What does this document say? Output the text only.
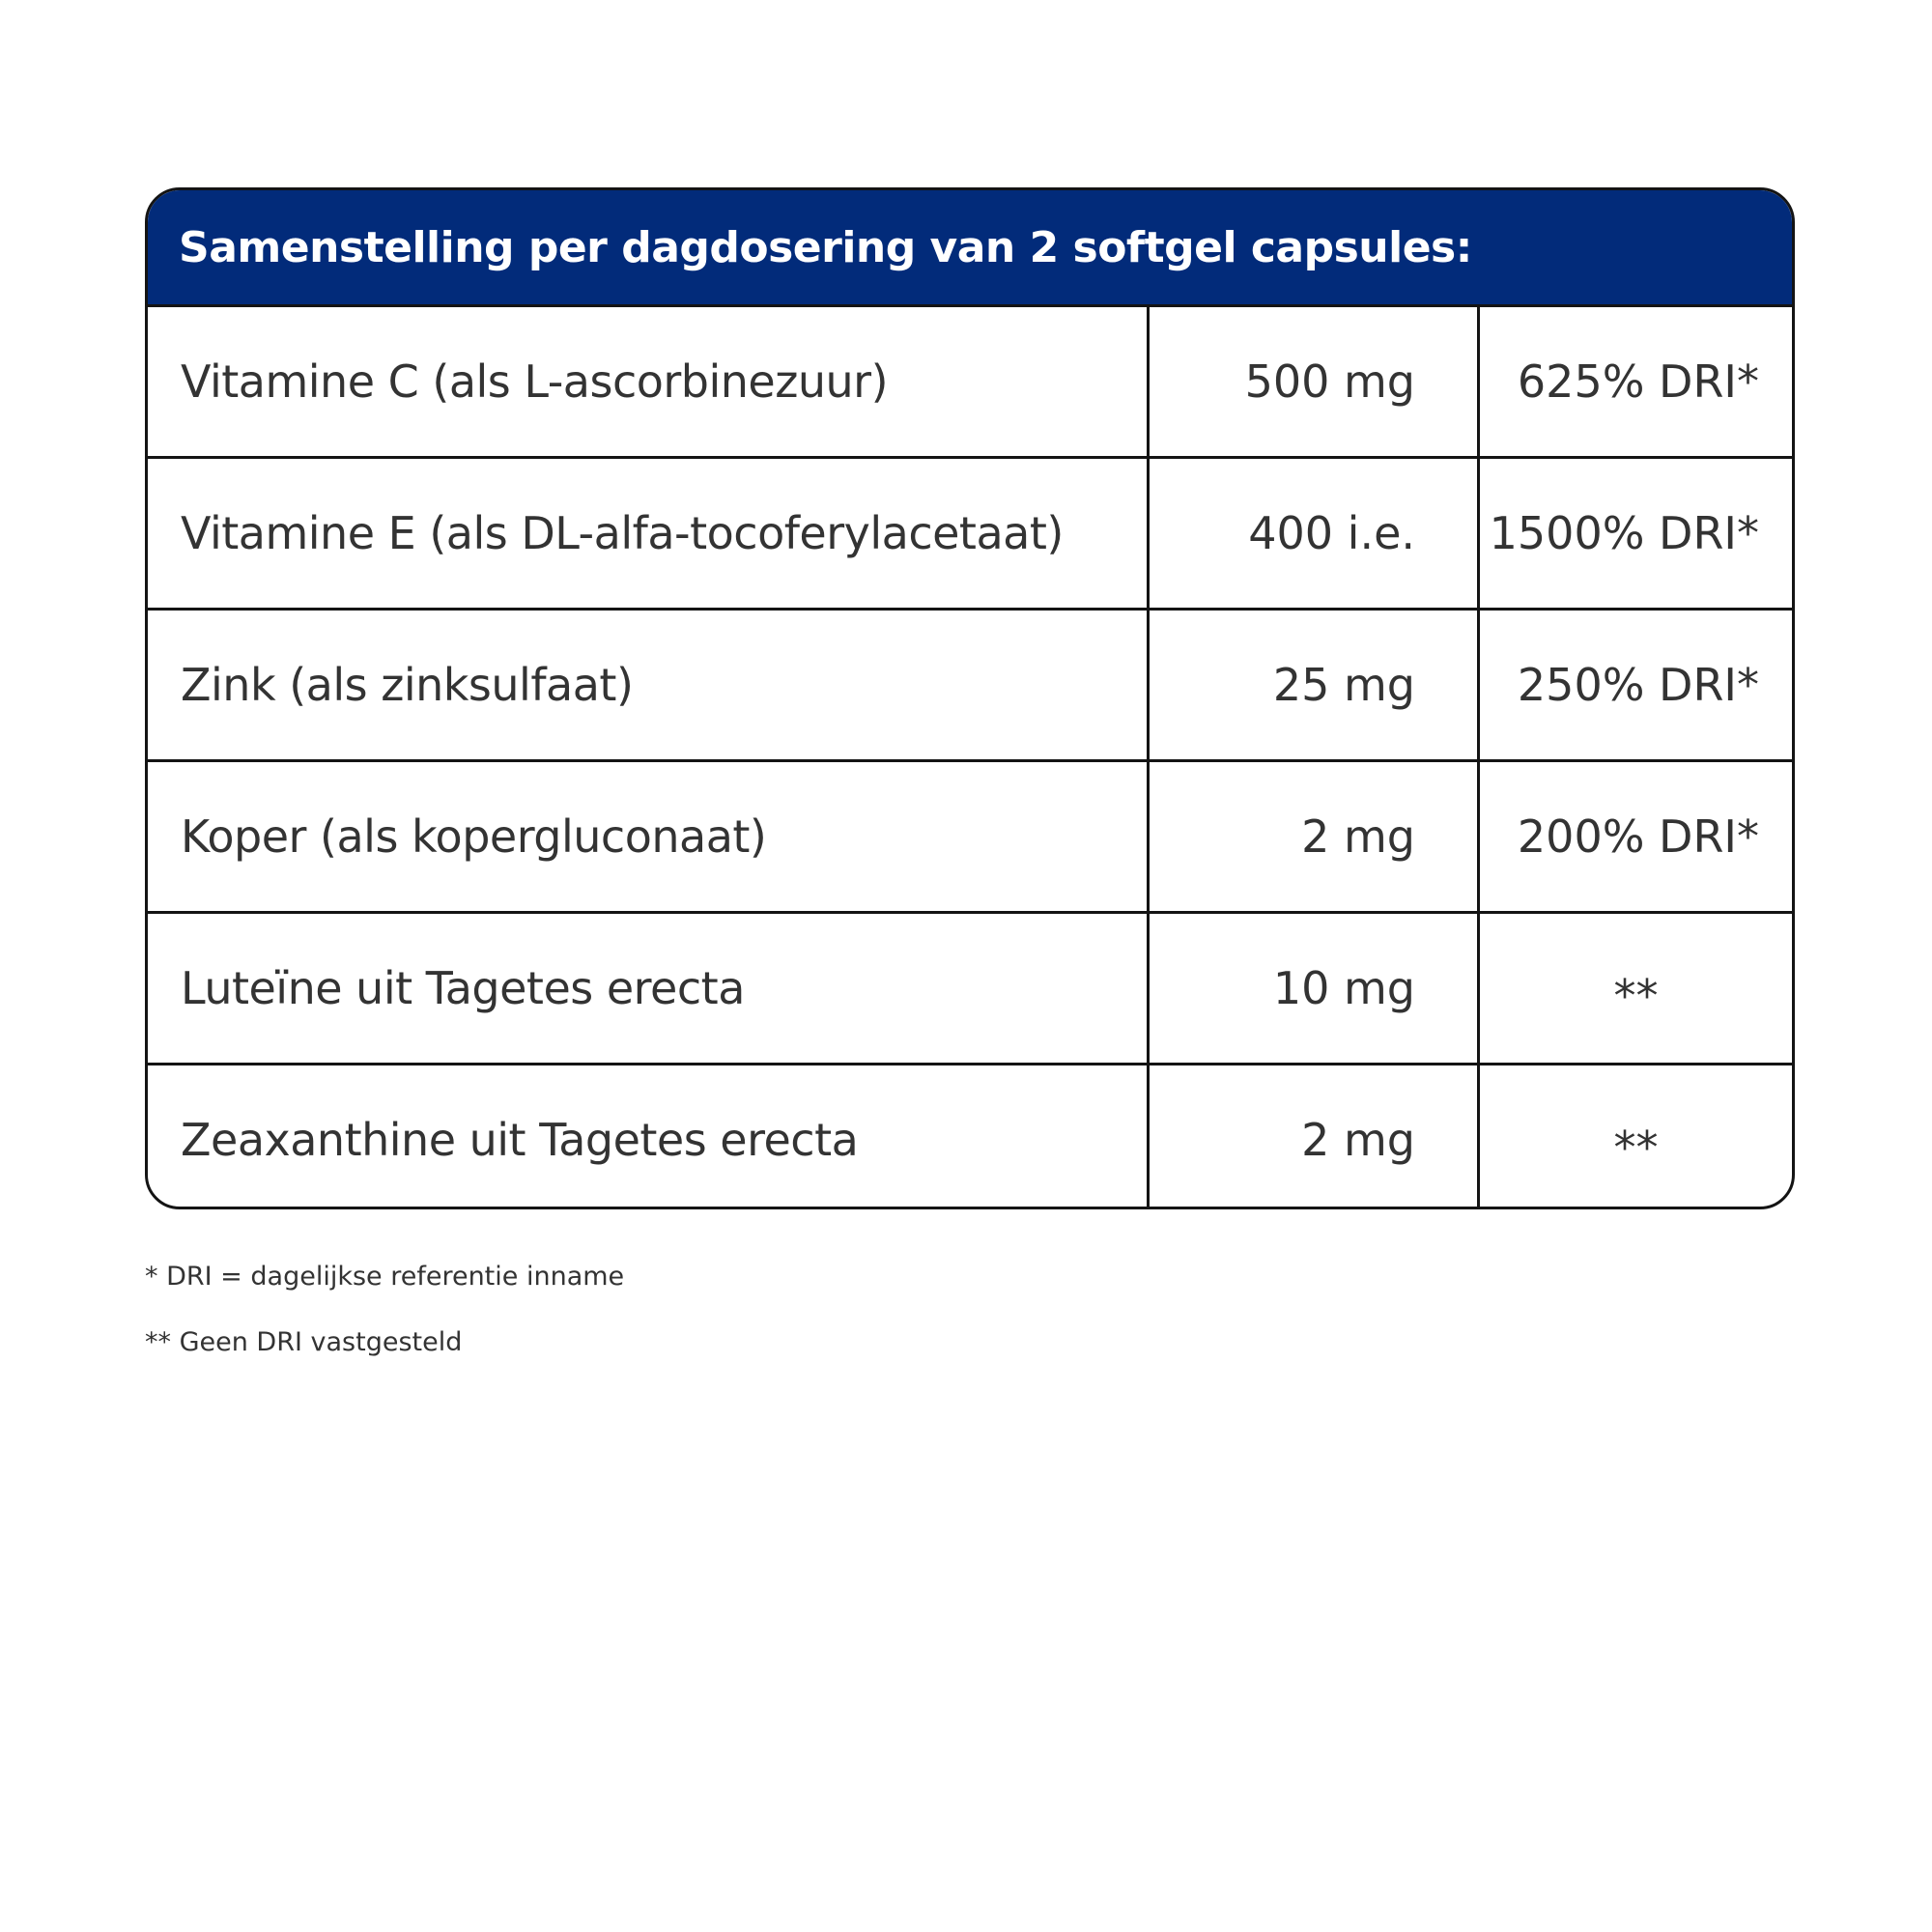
Samenstelling per dagdosering van 2 softgel capsules:
Vitamine C (als L-ascorbinezuur)	500 mg	625% DRI*
Vitamine E (als DL-alfa-tocoferylacetaat)	400 i.e.	1500% DRI*
Zink (als zinksulfaat)	25 mg	250% DRI*
Koper (als kopergluconaat)	2 mg	200% DRI*
Luteïne uit Tagetes erecta	10 mg	**
Zeaxanthine uit Tagetes erecta	2 mg	**
* DRI = dagelijkse referentie inname
** Geen DRI vastgesteld
